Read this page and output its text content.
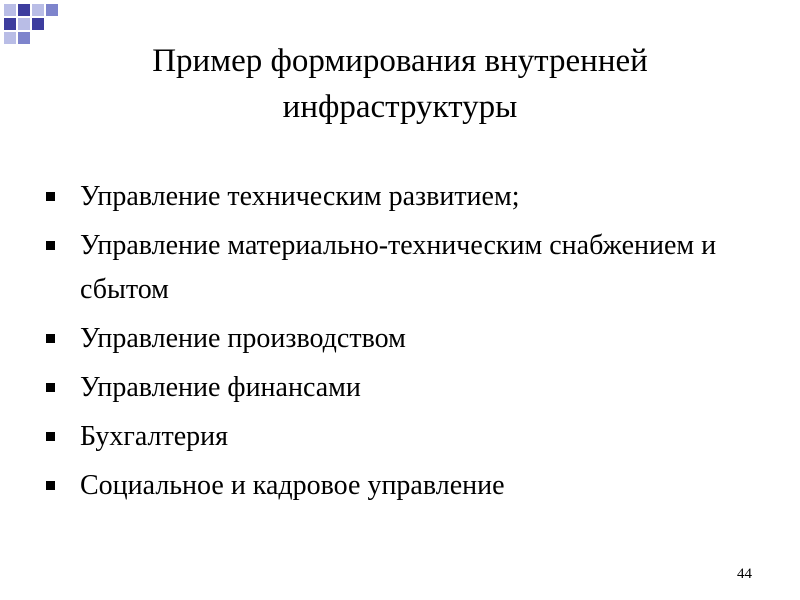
Пример формирования внутренней инфраструктуры
Управление техническим развитием;
Управление материально-техническим снабжением и сбытом
Управление производством
Управление финансами
Бухгалтерия
Социальное и кадровое управление
44
